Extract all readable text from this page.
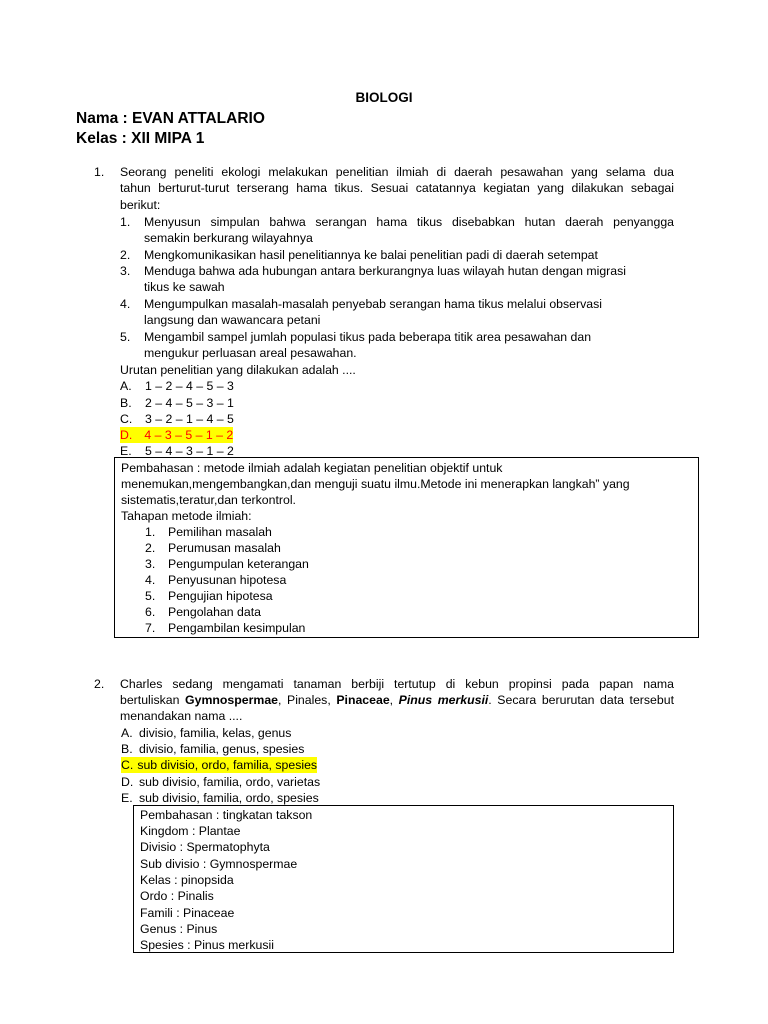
BIOLOGI
Nama : EVAN ATTALARIO
Kelas : XII MIPA 1
1. Seorang peneliti ekologi melakukan penelitian ilmiah di daerah pesawahan yang selama dua
tahun berturut-turut terserang hama tikus. Sesuai catatannya kegiatan yang dilakukan sebagai
berikut:
1. Menyusun simpulan bahwa serangan hama tikus disebabkan hutan daerah penyangga
semakin berkurang wilayahnya
2. Mengkomunikasikan hasil penelitiannya ke balai penelitian padi di daerah setempat
3. Menduga bahwa ada hubungan antara berkurangnya luas wilayah hutan dengan migrasi
tikus ke sawah
4. Mengumpulkan masalah-masalah penyebab serangan hama tikus melalui observasi
langsung dan wawancara petani
5. Mengambil sampel jumlah populasi tikus pada beberapa titik area pesawahan dan
mengukur perluasan areal pesawahan.
Urutan penelitian yang dilakukan adalah ....
A. 1 – 2 – 4 – 5 – 3
B. 2 – 4 – 5 – 3 – 1
C. 3 – 2 – 1 – 4 – 5
D. 4 – 3 – 5 – 1 – 2
E. 5 – 4 – 3 – 1 – 2
Pembahasan : metode ilmiah adalah kegiatan penelitian objektif untuk
menemukan,mengembangkan,dan menguji suatu ilmu.Metode ini menerapkan langkah” yang
sistematis,teratur,dan terkontrol.
Tahapan metode ilmiah:
1. Pemilihan masalah
2. Perumusan masalah
3. Pengumpulan keterangan
4. Penyusunan hipotesa
5. Pengujian hipotesa
6. Pengolahan data
7. Pengambilan kesimpulan
2. Charles sedang mengamati tanaman berbiji tertutup di kebun propinsi pada papan nama
bertuliskan Gymnospermae, Pinales, Pinaceae, Pinus merkusii. Secara berurutan data tersebut
menandakan nama ....
A. divisio, familia, kelas, genus
B. divisio, familia, genus, spesies
C. sub divisio, ordo, familia, spesies
D. sub divisio, familia, ordo, varietas
E. sub divisio, familia, ordo, spesies
Pembahasan : tingkatan takson
Kingdom : Plantae
Divisio : Spermatophyta
Sub divisio : Gymnospermae
Kelas : pinopsida
Ordo : Pinalis
Famili : Pinaceae
Genus : Pinus
Spesies : Pinus merkusii
